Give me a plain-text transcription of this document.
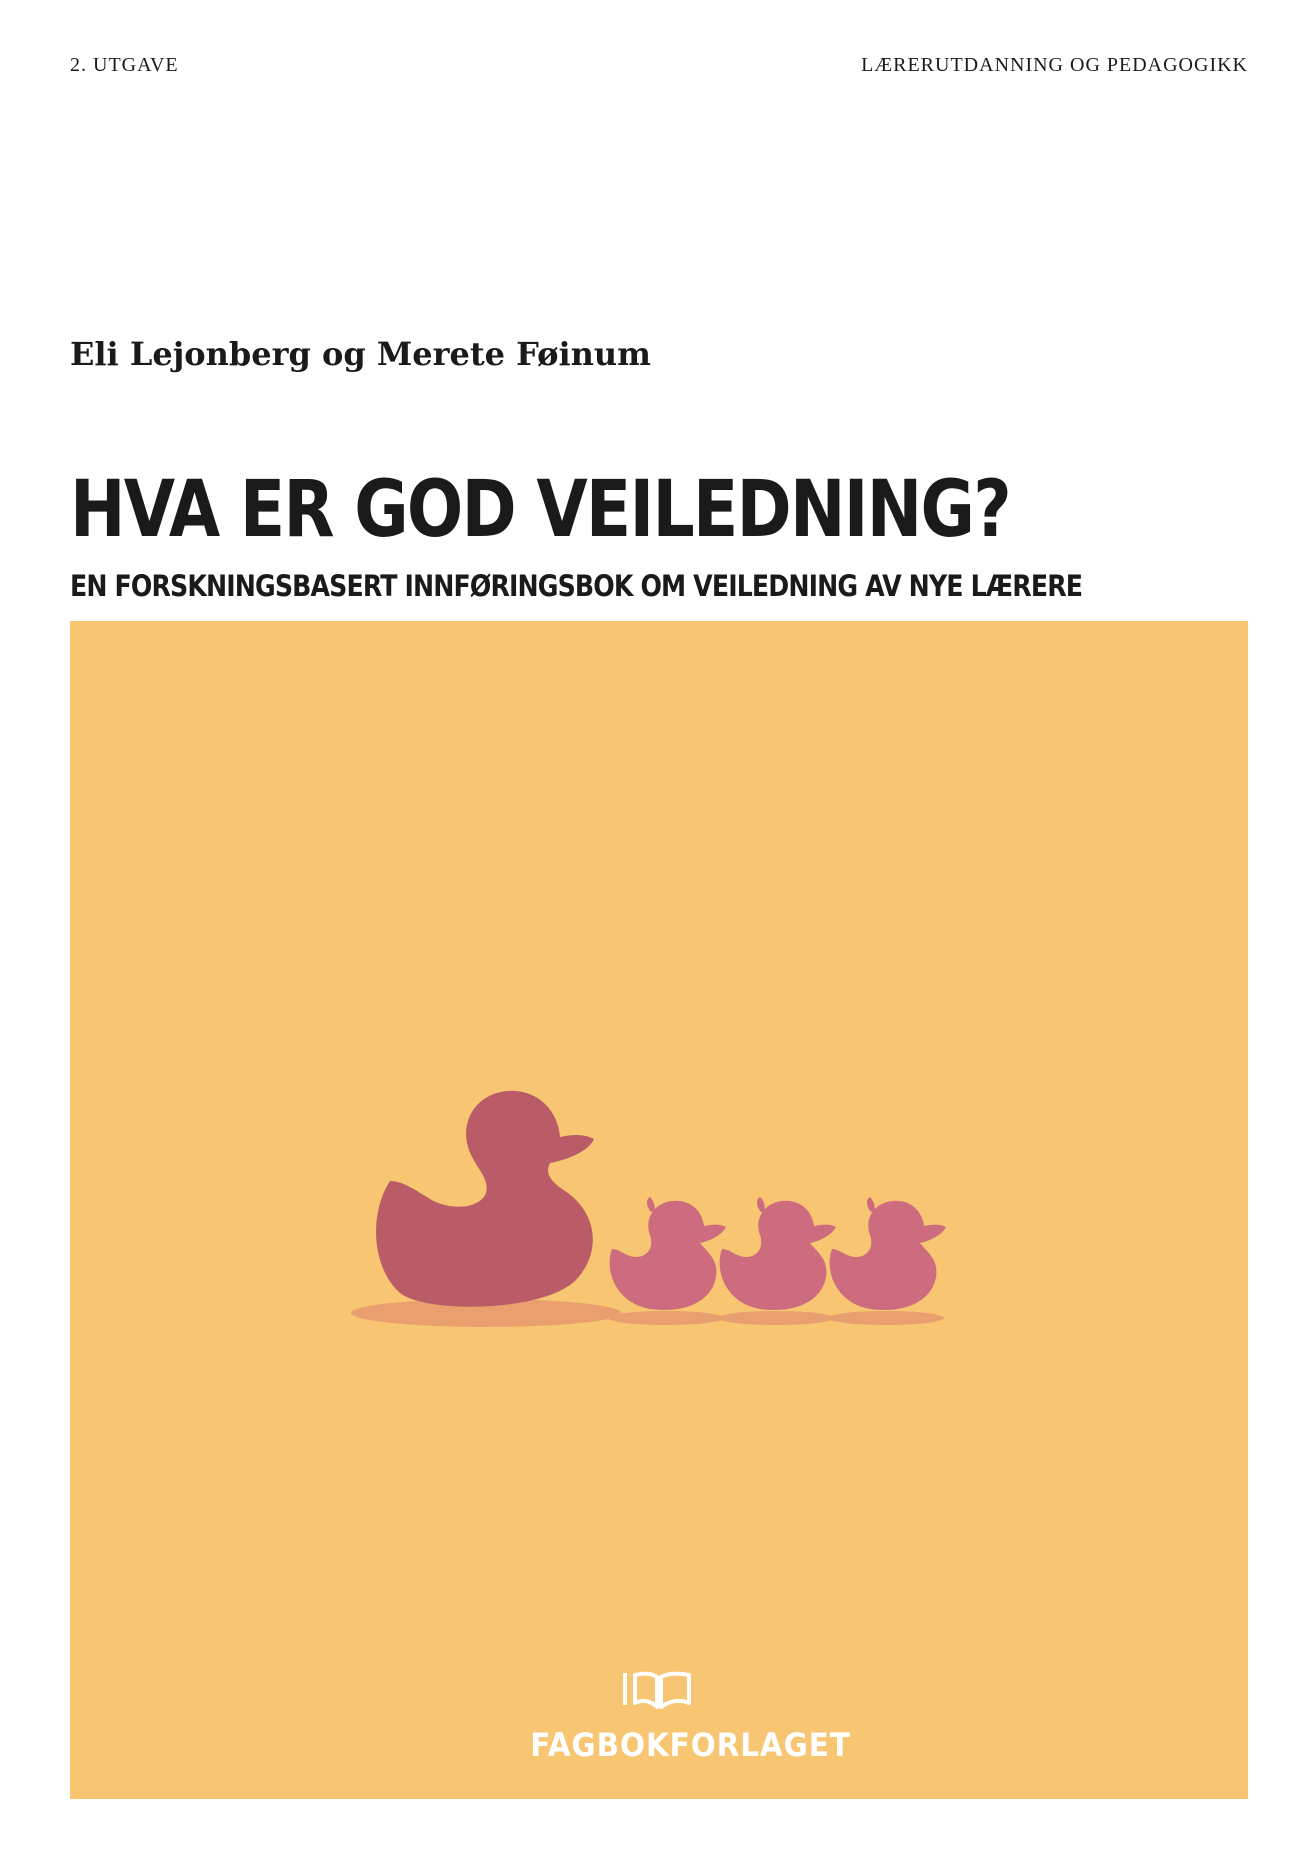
2. UTGAVE	LÆRERUTDANNING OG PEDAGOGIKK
Eli Lejonberg og Merete Føinum
HVA ER GOD VEILEDNING?
EN FORSKNINGSBASERT INNFØRINGSBOK OM VEILEDNING AV NYE LÆRERE
FAGBOKFORLAGET
